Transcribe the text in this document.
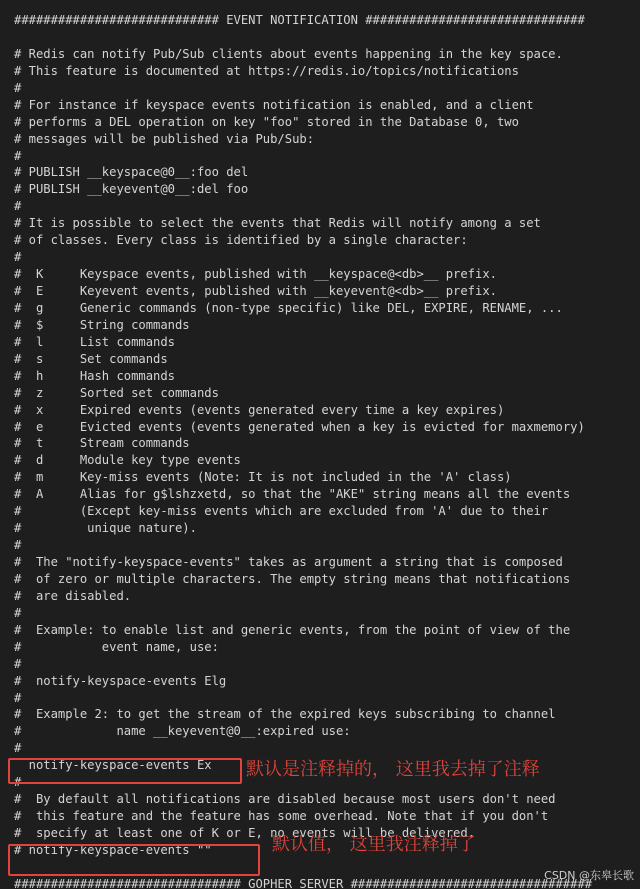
############################ EVENT NOTIFICATION ##############################
# Redis can notify Pub/Sub clients about events happening in the key space.
# This feature is documented at https://redis.io/topics/notifications
#
# For instance if keyspace events notification is enabled, and a client
# performs a DEL operation on key "foo" stored in the Database 0, two
# messages will be published via Pub/Sub:
#
# PUBLISH __keyspace@0__:foo del
# PUBLISH __keyevent@0__:del foo
#
# It is possible to select the events that Redis will notify among a set
# of classes. Every class is identified by a single character:
#
#  K     Keyspace events, published with __keyspace@<db>__ prefix.
#  E     Keyevent events, published with __keyevent@<db>__ prefix.
#  g     Generic commands (non-type specific) like DEL, EXPIRE, RENAME, ...
#  $     String commands
#  l     List commands
#  s     Set commands
#  h     Hash commands
#  z     Sorted set commands
#  x     Expired events (events generated every time a key expires)
#  e     Evicted events (events generated when a key is evicted for maxmemory)
#  t     Stream commands
#  d     Module key type events
#  m     Key-miss events (Note: It is not included in the 'A' class)
#  A     Alias for g$lshzxetd, so that the "AKE" string means all the events
#        (Except key-miss events which are excluded from 'A' due to their
#         unique nature).
#
#  The "notify-keyspace-events" takes as argument a string that is composed
#  of zero or multiple characters. The empty string means that notifications
#  are disabled.
#
#  Example: to enable list and generic events, from the point of view of the
#           event name, use:
#
#  notify-keyspace-events Elg
#
#  Example 2: to get the stream of the expired keys subscribing to channel
#             name __keyevent@0__:expired use:
#
notify-keyspace-events Ex
#
#  By default all notifications are disabled because most users don't need
#  this feature and the feature has some overhead. Note that if you don't
#  specify at least one of K or E, no events will be delivered.
# notify-keyspace-events ""
############################### GOPHER SERVER #################################
默认是注释掉的， 这里我去掉了注释
默认值， 这里我注释掉了
CSDN @东皋长歌
